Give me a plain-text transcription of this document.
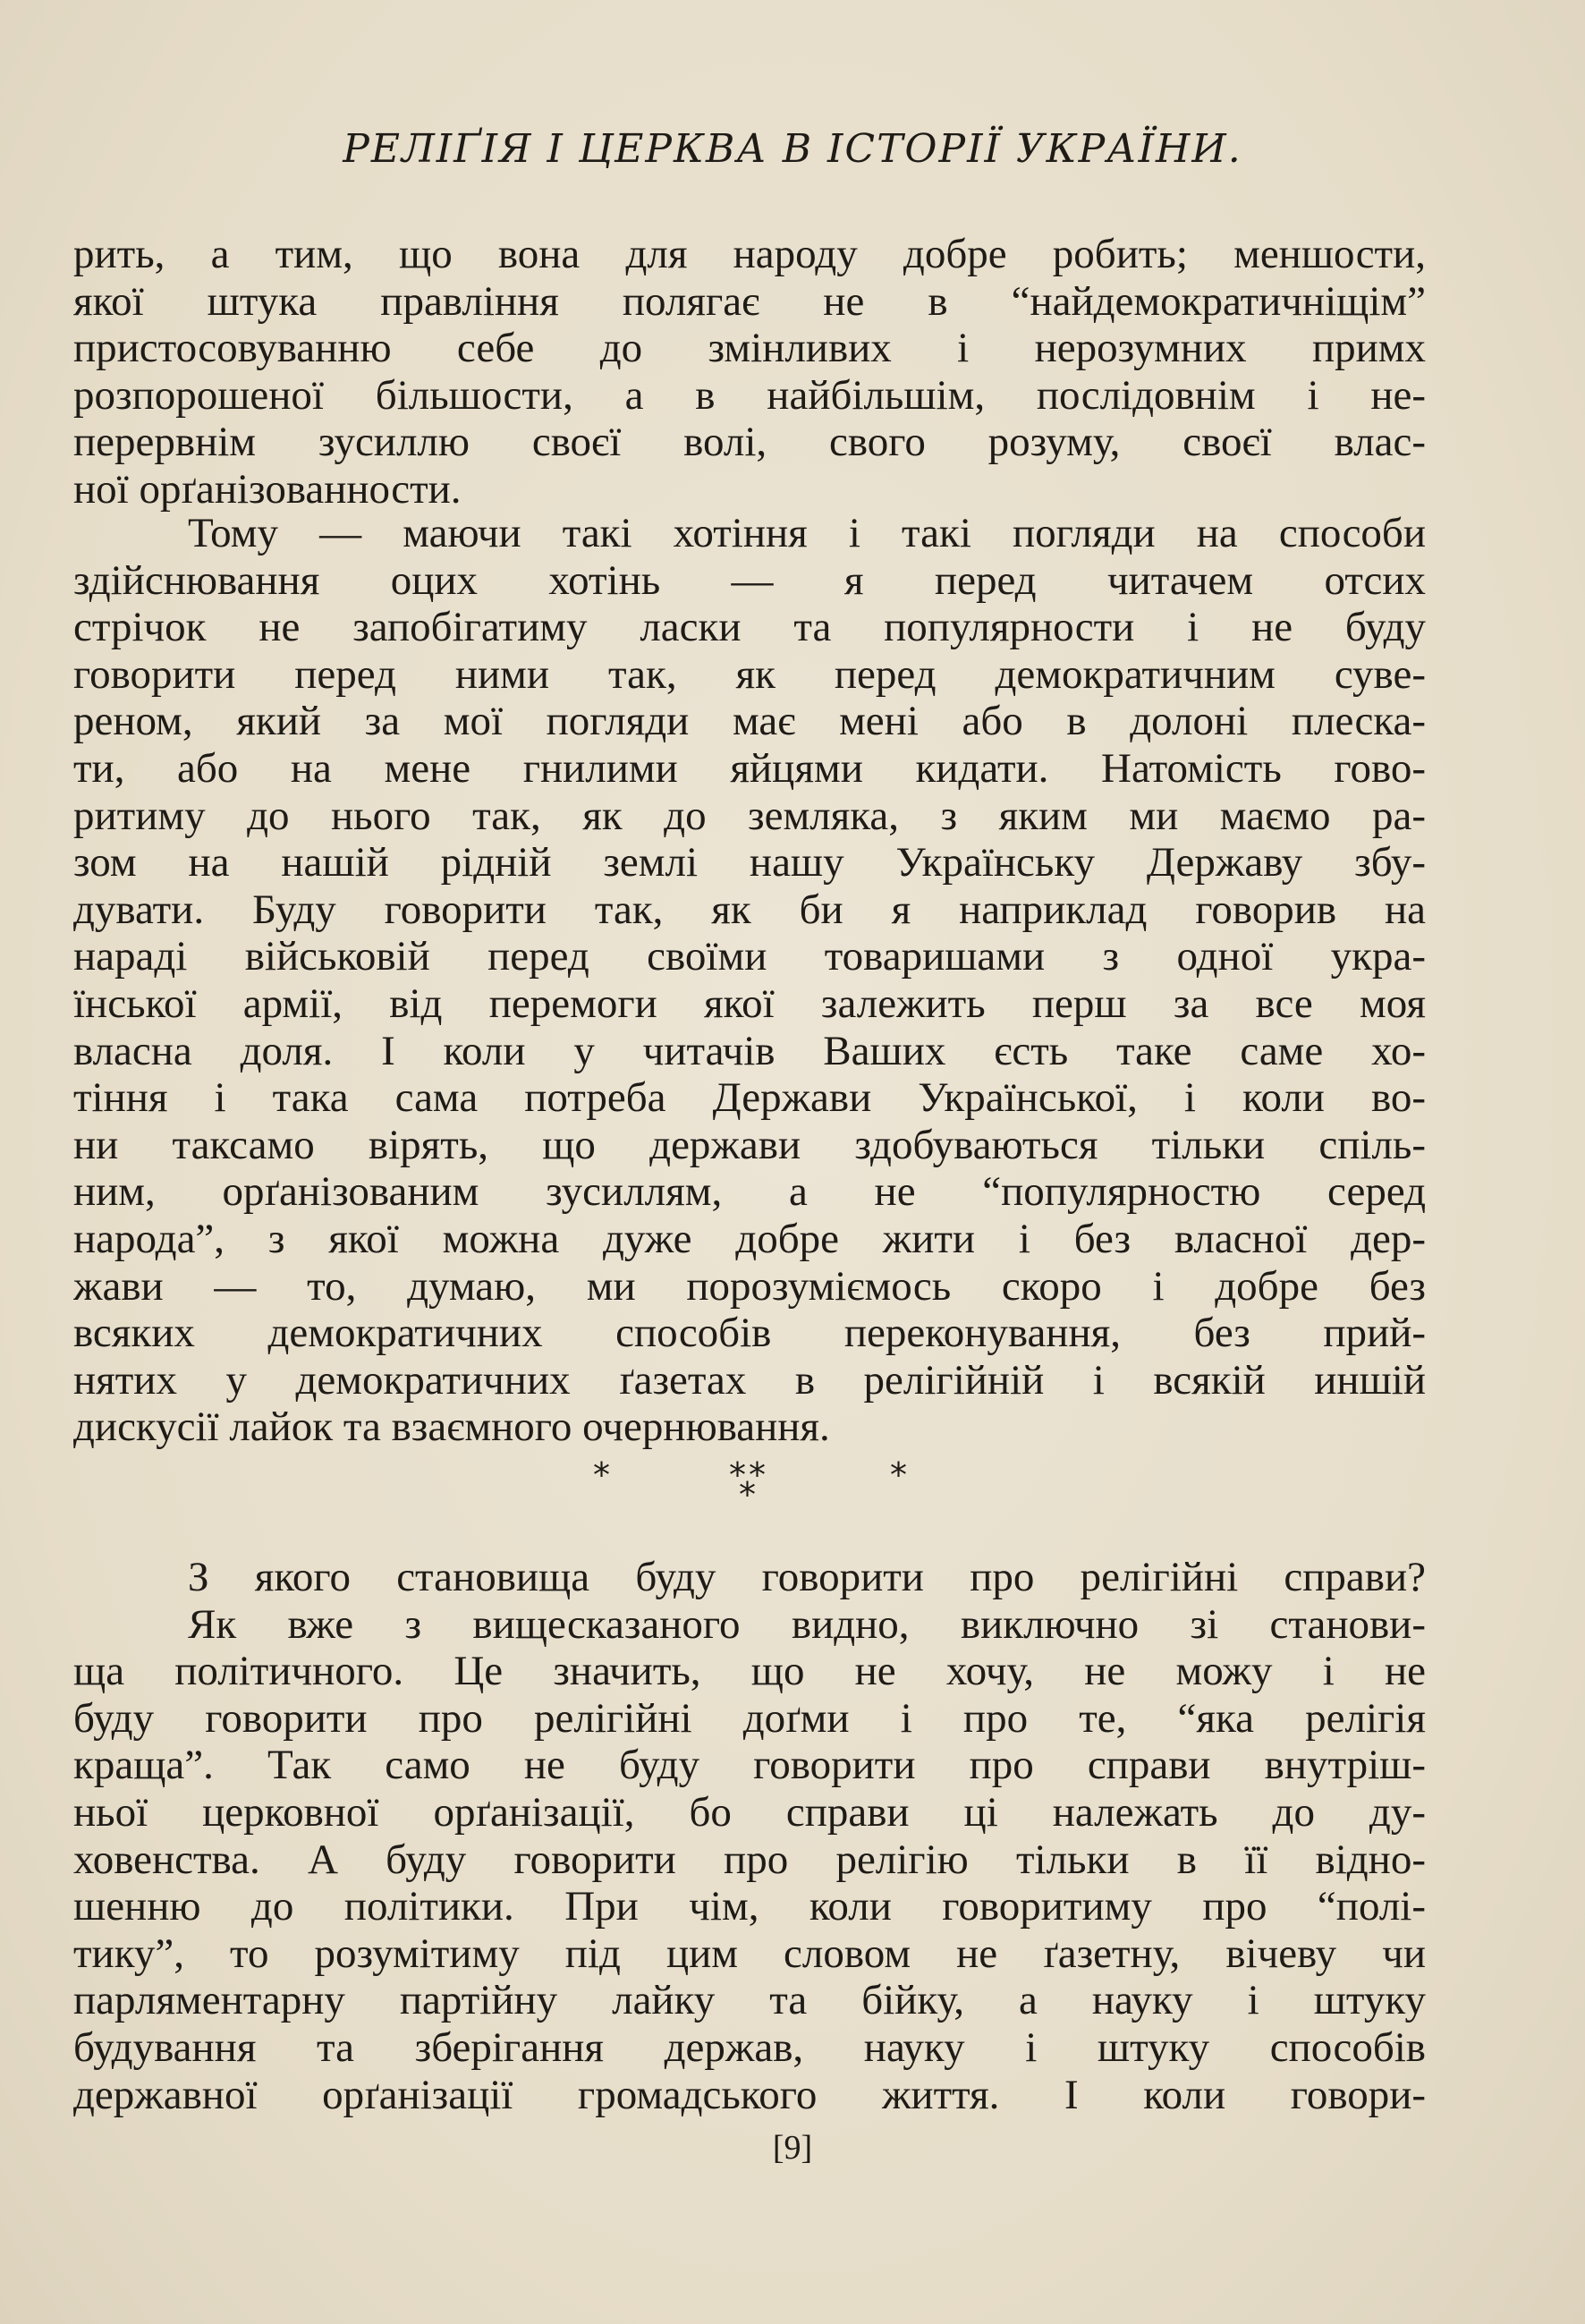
РЕЛІҐІЯ І ЦЕРКВА В ІСТОРІЇ УКРАЇНИ.
рить, а тим, що вона для народу добре робить; меншости,
якої штука правління полягає не в “найдемократичніщім”
пристосовуванню себе до змінливих і нерозумних примх
розпорошеної більшости, а в найбільшім, послідовнім і не-
перервнім зусиллю своєї волі, свого розуму, своєї влас-
ної орґанізованности.
Тому — маючи такі хотіння і такі погляди на способи
здійснювання оцих хотінь — я перед читачем отсих
стрічок не запобігатиму ласки та популярности і не буду
говорити перед ними так, як перед демократичним суве-
реном, який за мої погляди має мені або в долоні плеска-
ти, або на мене гнилими яйцями кидати. Натомість гово-
ритиму до нього так, як до земляка, з яким ми маємо ра-
зом на нашій рідній землі нашу Українську Державу збу-
дувати. Буду говорити так, як би я наприклад говорив на
нараді військовій перед своїми товаришами з одної укра-
їнської армії, від перемоги якої залежить перш за все моя
власна доля. І коли у читачів Ваших єсть таке саме хо-
тіння і така сама потреба Держави Української, і коли во-
ни таксамо вірять, що держави здобуваються тільки спіль-
ним, орґанізованим зусиллям, а не “популярностю серед
народа”, з якої можна дуже добре жити і без власної дер-
жави — то, думаю, ми порозуміємось скоро і добре без
всяких демократичних способів переконування, без прий-
нятих у демократичних ґазетах в релігійній і всякій иншій
дискусії лайок та взаємного очернювання.
*	* *
*	*
З якого становища буду говорити про релігійні справи?
Як вже з вищесказаного видно, виключно зі станови-
ща політичного. Це значить, що не хочу, не можу і не
буду говорити про релігійні доґми і про те, “яка релігія
краща”. Так само не буду говорити про справи внутріш-
ньої церковної орґанізації, бо справи ці належать до ду-
ховенства. А буду говорити про релігію тільки в її відно-
шенню до політики. При чім, коли говоритиму про “полі-
тику”, то розумітиму під цим словом не ґазетну, вічеву чи
парляментарну партійну лайку та бійку, а науку і штуку
будування та зберігання держав, науку і штуку способів
державної орґанізації громадського життя. І коли говори-
[9]
